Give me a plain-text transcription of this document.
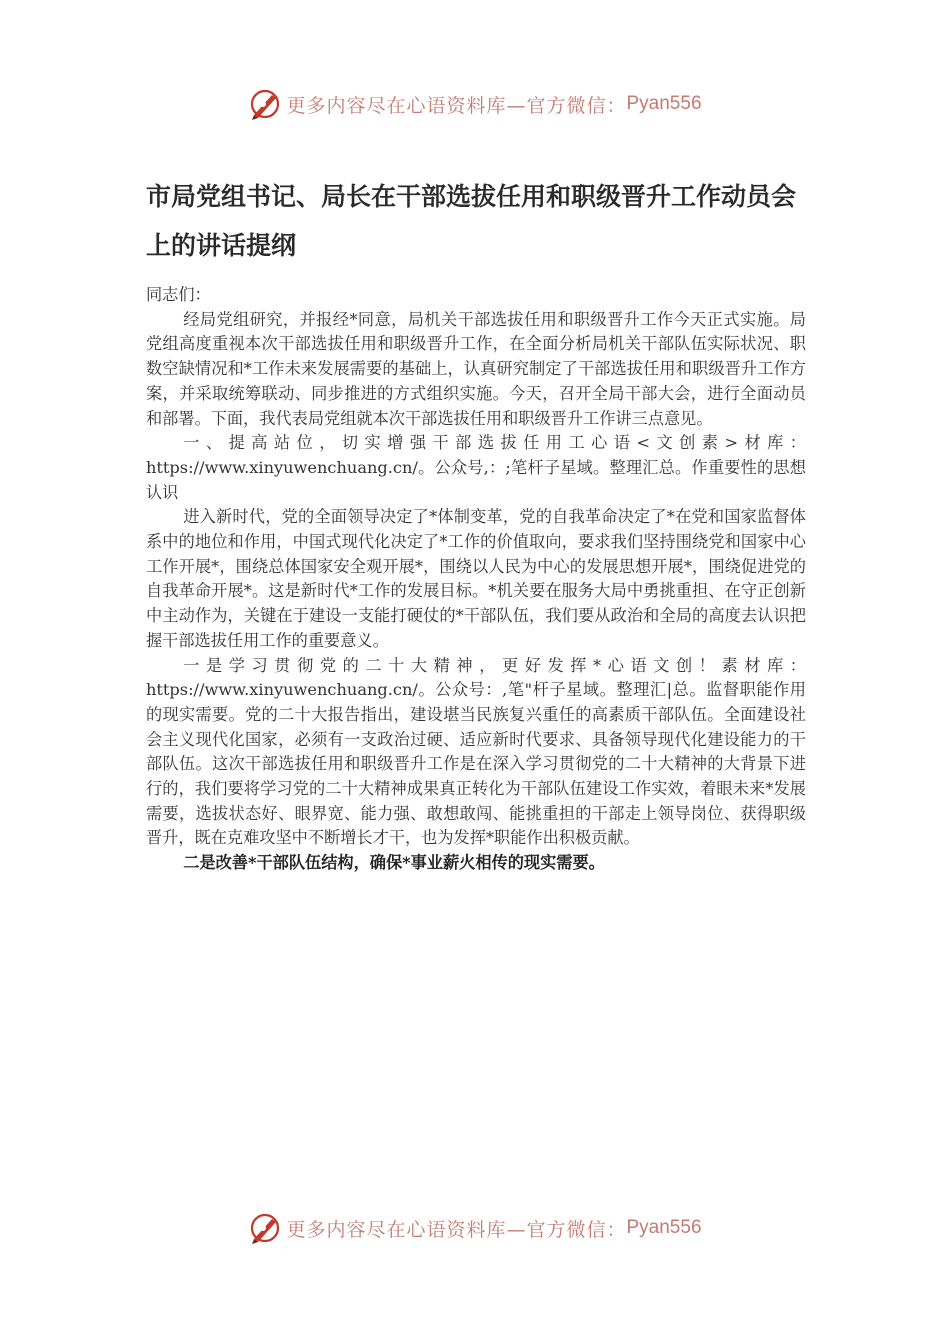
更多内容尽在心语资料库—官方微信： Pyan556
市局党组书记、局长在干部选拔任用和职级晋升工作动员会上的讲话提纲

同志们：

经局党组研究，并报经*同意，局机关干部选拔任用和职级晋升工作今天正式实施。局党组高度重视本次干部选拔任用和职级晋升工作，在全面分析局机关干部队伍实际状况、职数空缺情况和*工作未来发展需要的基础上，认真研究制定了干部选拔任用和职级晋升工作方案，并采取统筹联动、同步推进的方式组织实施。今天，召开全局干部大会，进行全面动员和部署。下面，我代表局党组就本次干部选拔任用和职级晋升工作讲三点意见。

一、提高站位，切实增强干部选拔任用工心语<文创素>材库：https://www.xinyuwenchuang.cn/。公众号,：;笔杆子星域。整理汇总。作重要性的思想认识

进入新时代，党的全面领导决定了*体制变革，党的自我革命决定了*在党和国家监督体系中的地位和作用，中国式现代化决定了*工作的价值取向，要求我们坚持围绕党和国家中心工作开展*，围绕总体国家安全观开展*，围绕以人民为中心的发展思想开展*，围绕促进党的自我革命开展*。这是新时代*工作的发展目标。*机关要在服务大局中勇挑重担、在守正创新中主动作为，关键在于建设一支能打硬仗的*干部队伍，我们要从政治和全局的高度去认识把握干部选拔任用工作的重要意义。

一是学习贯彻党的二十大精神，更好发挥*心语文创！素材库：https://www.xinyuwenchuang.cn/。公众号：,笔"杆子星域。整理汇|总。监督职能作用的现实需要。党的二十大报告指出，建设堪当民族复兴重任的高素质干部队伍。全面建设社会主义现代化国家，必须有一支政治过硬、适应新时代要求、具备领导现代化建设能力的干部队伍。这次干部选拔任用和职级晋升工作是在深入学习贯彻党的二十大精神的大背景下进行的，我们要将学习党的二十大精神成果真正转化为干部队伍建设工作实效，着眼未来*发展需要，选拔状态好、眼界宽、能力强、敢想敢闯、能挑重担的干部走上领导岗位、获得职级晋升，既在克难攻坚中不断增长才干，也为发挥*职能作出积极贡献。

二是改善*干部队伍结构，确保*事业薪火相传的现实需要。

更多内容尽在心语资料库—官方微信： Pyan556
